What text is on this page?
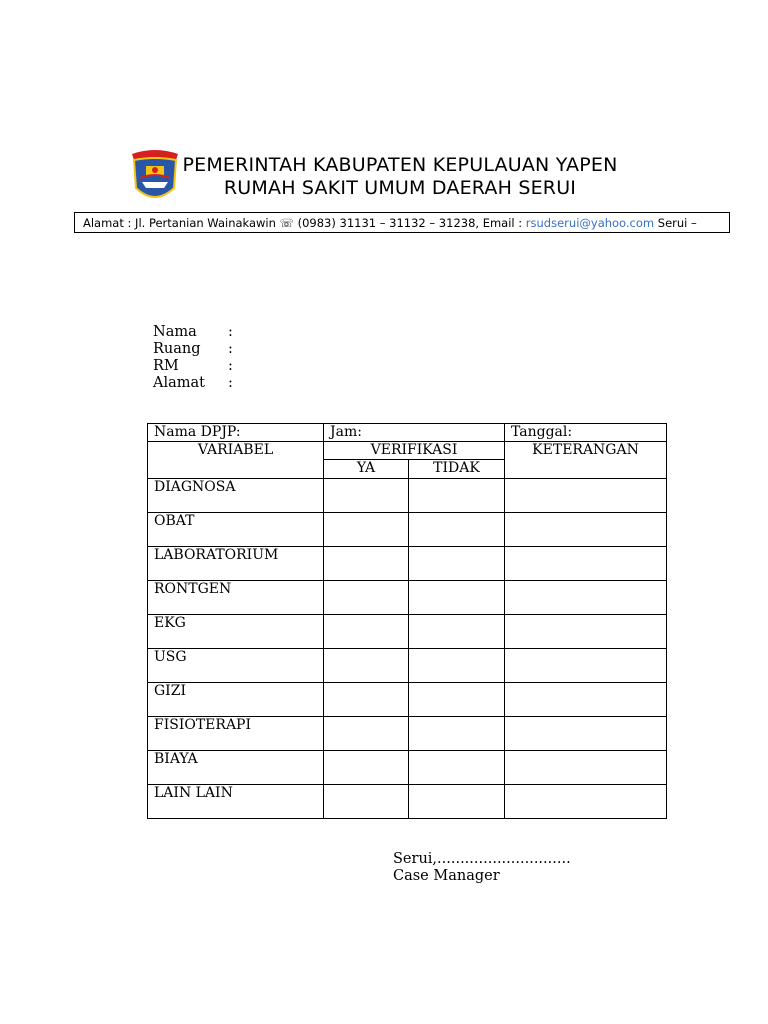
PEMERINTAH KABUPATEN KEPULAUAN YAPEN
RUMAH SAKIT UMUM DAERAH SERUI
Alamat : Jl. Pertanian Wainakawin ☏ (0983) 31131 – 31132 – 31238, Email : rsudserui@yahoo.com Serui –
Nama	:
Ruang	:
RM	:
Alamat	:
Nama DPJP:	Jam:		Tanggal:
VARIABEL	VERIFIKASI		KETERANGAN
	YA	TIDAK	
DIAGNOSA			
OBAT			
LABORATORIUM			
RONTGEN			
EKG			
USG			
GIZI			
FISIOTERAPI			
BIAYA			
LAIN LAIN			
Serui,.............................
Case Manager
